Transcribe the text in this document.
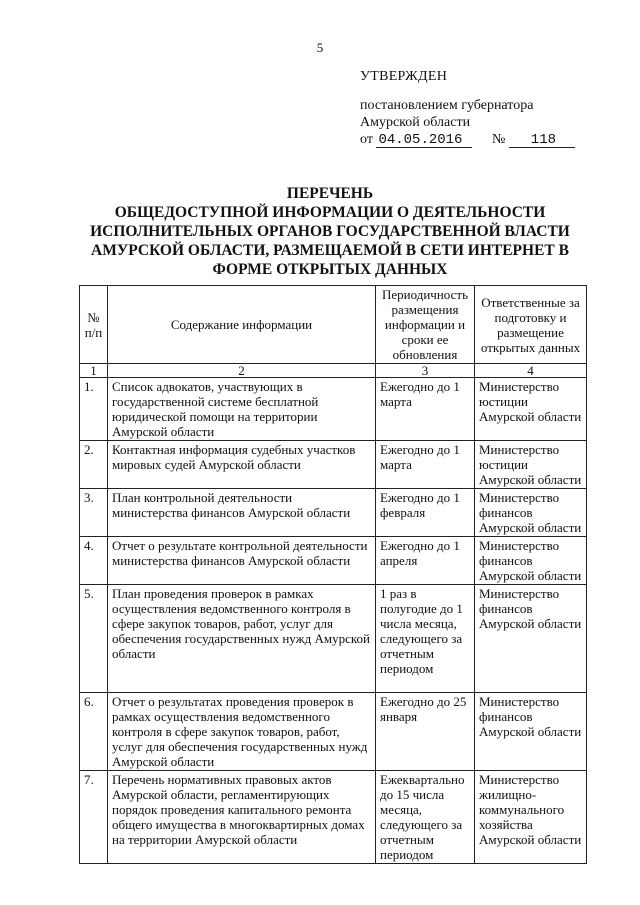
5
УТВЕРЖДЕН
постановлением губернатора
Амурской области
от 04.05.2016 № 118
ПЕРЕЧЕНЬ
ОБЩЕДОСТУПНОЙ ИНФОРМАЦИИ О ДЕЯТЕЛЬНОСТИ ИСПОЛНИТЕЛЬНЫХ ОРГАНОВ ГОСУДАРСТВЕННОЙ ВЛАСТИ АМУРСКОЙ ОБЛАСТИ, РАЗМЕЩАЕМОЙ В СЕТИ ИНТЕРНЕТ В ФОРМЕ ОТКРЫТЫХ ДАННЫХ
№ п/п	Содержание информации	Периодичность размещения информации и сроки ее обновления	Ответственные за подготовку и размещение открытых данных
1	2	3	4
1.	Список адвокатов, участвующих в государственной системе бесплатной юридической помощи на территории Амурской области	Ежегодно до 1 марта	Министерство юстиции Амурской области
2.	Контактная информация судебных участков мировых судей Амурской области	Ежегодно до 1 марта	Министерство юстиции Амурской области
3.	План контрольной деятельности министерства финансов Амурской области	Ежегодно до 1 февраля	Министерство финансов Амурской области
4.	Отчет о результате контрольной деятельности министерства финансов Амурской области	Ежегодно до 1 апреля	Министерство финансов Амурской области
5.	План проведения проверок в рамках осуществления ведомственного контроля в сфере закупок товаров, работ, услуг для обеспечения государственных нужд Амурской области	1 раз в полугодие до 1 числа месяца, следующего за отчетным периодом	Министерство финансов Амурской области
6.	Отчет о результатах проведения проверок в рамках осуществления ведомственного контроля в сфере закупок товаров, работ, услуг для обеспечения государственных нужд Амурской области	Ежегодно до 25 января	Министерство финансов Амурской области
7.	Перечень нормативных правовых актов Амурской области, регламентирующих порядок проведения капитального ремонта общего имущества в многоквартирных домах на территории Амурской области	Ежеквартально до 15 числа месяца, следующего за отчетным периодом	Министерство жилищно-коммунального хозяйства Амурской области
